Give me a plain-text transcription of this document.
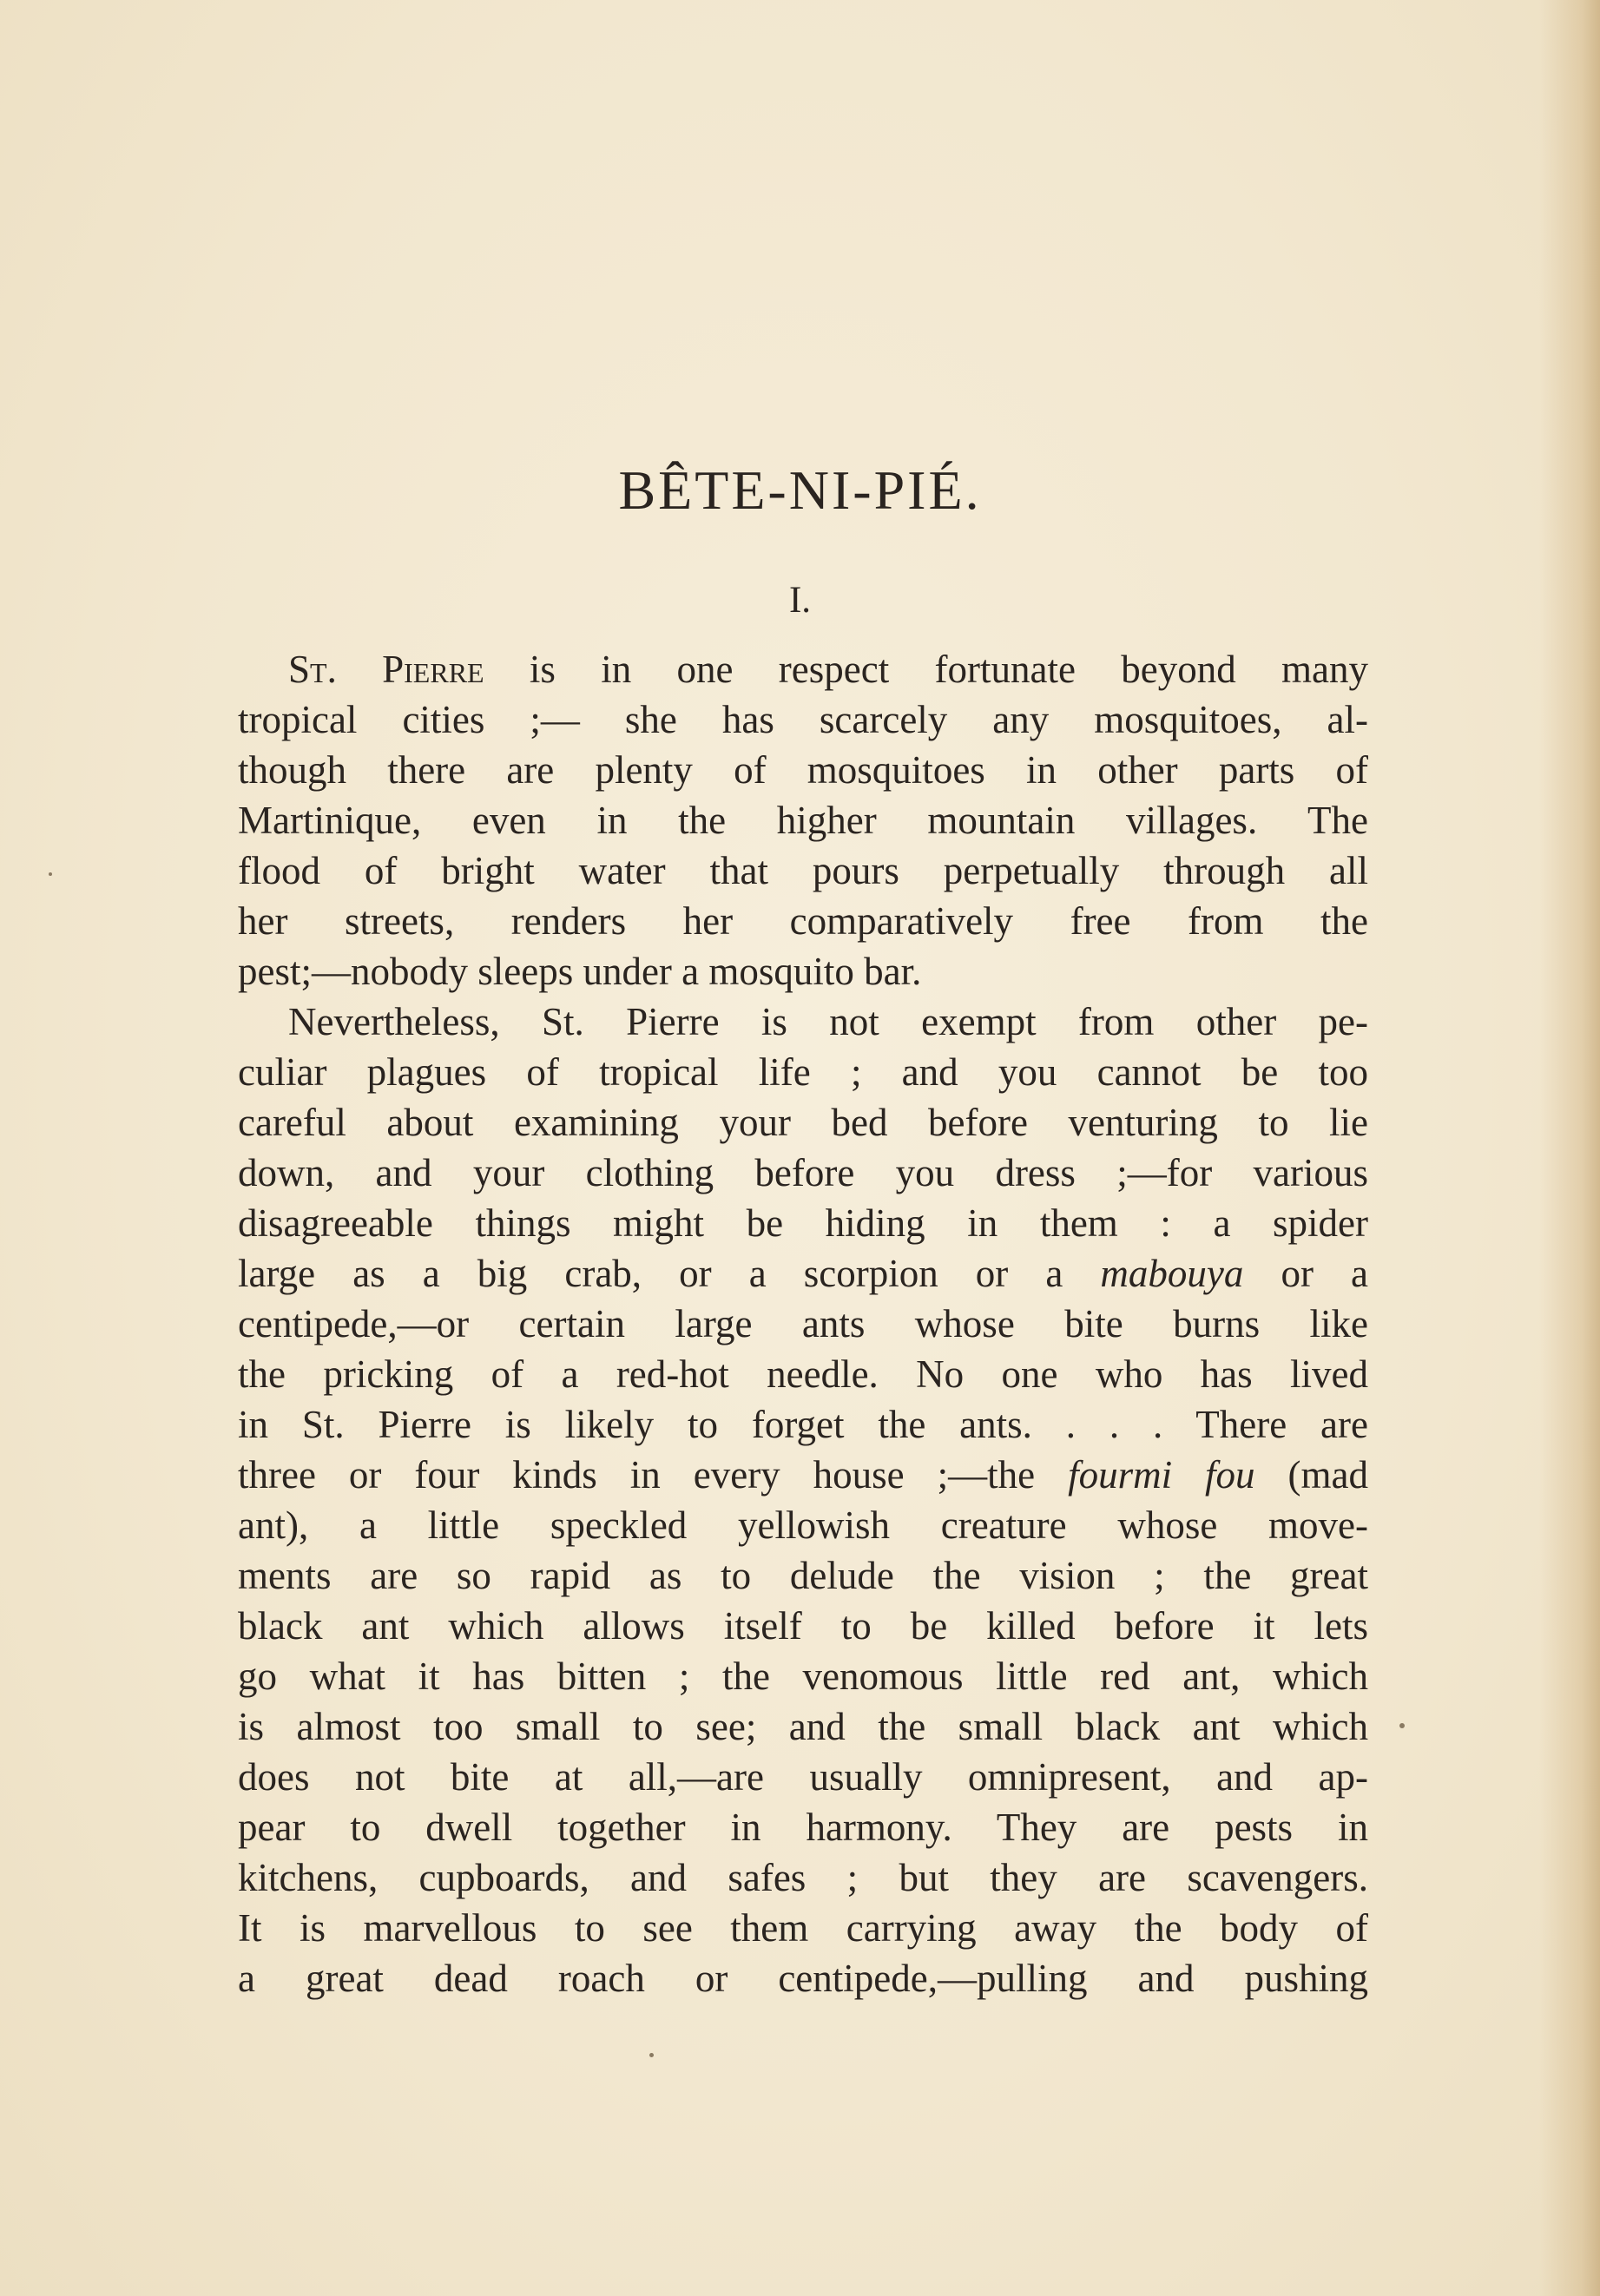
BÊTE-NI-PIÉ.
I.
St. Pierre is in one respect fortunate beyond many
tropical cities ;— she has scarcely any mosquitoes, al-
though there are plenty of mosquitoes in other parts of
Martinique, even in the higher mountain villages. The
flood of bright water that pours perpetually through all
her streets, renders her comparatively free from the
pest;—nobody sleeps under a mosquito bar.
Nevertheless, St. Pierre is not exempt from other pe-
culiar plagues of tropical life ; and you cannot be too
careful about examining your bed before venturing to lie
down, and your clothing before you dress ;—for various
disagreeable things might be hiding in them : a spider
large as a big crab, or a scorpion or a mabouya or a
centipede,—or certain large ants whose bite burns like
the pricking of a red-hot needle. No one who has lived
in St. Pierre is likely to forget the ants. . . . There are
three or four kinds in every house ;—the fourmi fou (mad
ant), a little speckled yellowish creature whose move-
ments are so rapid as to delude the vision ; the great
black ant which allows itself to be killed before it lets
go what it has bitten ; the venomous little red ant, which
is almost too small to see; and the small black ant which
does not bite at all,—are usually omnipresent, and ap-
pear to dwell together in harmony. They are pests in
kitchens, cupboards, and safes ; but they are scavengers.
It is marvellous to see them carrying away the body of
a great dead roach or centipede,—pulling and pushing
